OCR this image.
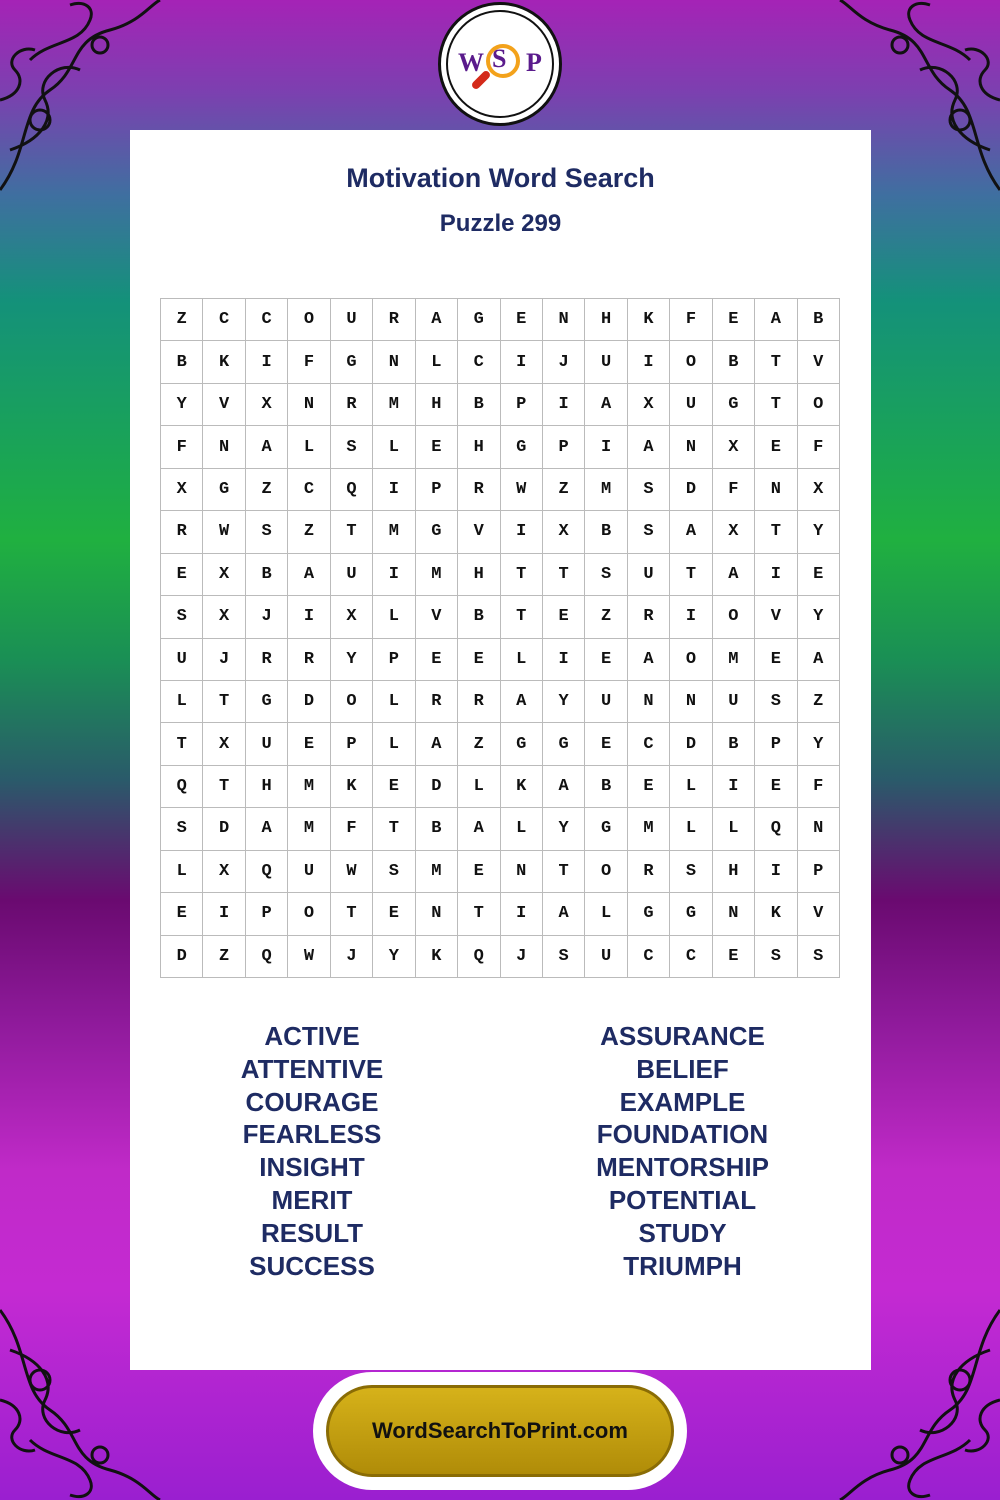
W S P
Motivation Word Search
Puzzle 299
Z	C	C	O	U	R	A	G	E	N	H	K	F	E	A	B
B	K	I	F	G	N	L	C	I	J	U	I	O	B	T	V
Y	V	X	N	R	M	H	B	P	I	A	X	U	G	T	O
F	N	A	L	S	L	E	H	G	P	I	A	N	X	E	F
X	G	Z	C	Q	I	P	R	W	Z	M	S	D	F	N	X
R	W	S	Z	T	M	G	V	I	X	B	S	A	X	T	Y
E	X	B	A	U	I	M	H	T	T	S	U	T	A	I	E
S	X	J	I	X	L	V	B	T	E	Z	R	I	O	V	Y
U	J	R	R	Y	P	E	E	L	I	E	A	O	M	E	A
L	T	G	D	O	L	R	R	A	Y	U	N	N	U	S	Z
T	X	U	E	P	L	A	Z	G	G	E	C	D	B	P	Y
Q	T	H	M	K	E	D	L	K	A	B	E	L	I	E	F
S	D	A	M	F	T	B	A	L	Y	G	M	L	L	Q	N
L	X	Q	U	W	S	M	E	N	T	O	R	S	H	I	P
E	I	P	O	T	E	N	T	I	A	L	G	G	N	K	V
D	Z	Q	W	J	Y	K	Q	J	S	U	C	C	E	S	S
ACTIVE
ATTENTIVE
COURAGE
FEARLESS
INSIGHT
MERIT
RESULT
SUCCESS
ASSURANCE
BELIEF
EXAMPLE
FOUNDATION
MENTORSHIP
POTENTIAL
STUDY
TRIUMPH
WordSearchToPrint.com
